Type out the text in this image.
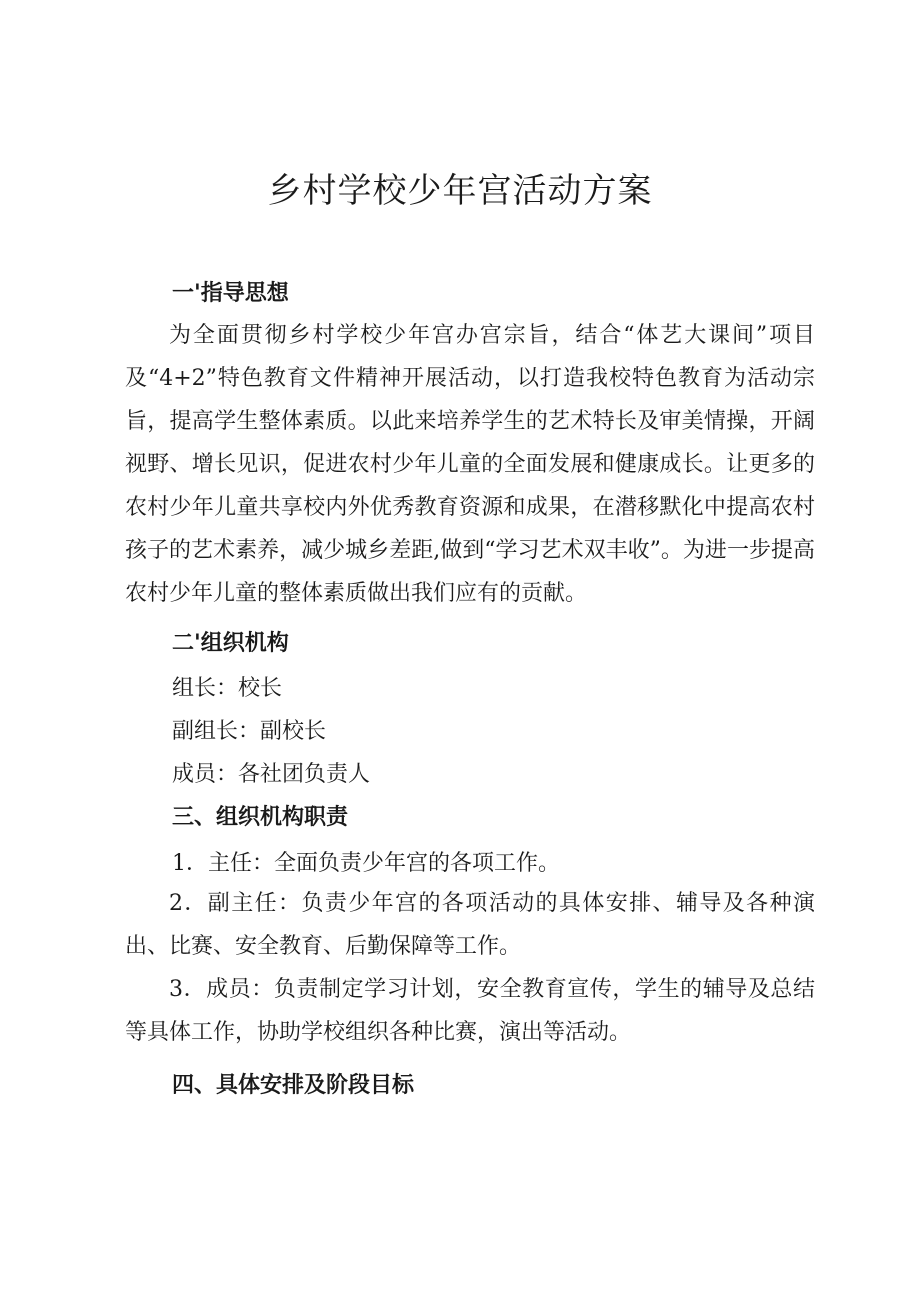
乡村学校少年宫活动方案
一'指导思想

为全面贯彻乡村学校少年宫办宫宗旨，结合“体艺大课间”项目及“4+2”特色教育文件精神开展活动，以打造我校特色教育为活动宗旨，提高学生整体素质。以此来培养学生的艺术特长及审美情操，开阔视野、增长见识，促进农村少年儿童的全面发展和健康成长。让更多的农村少年儿童共享校内外优秀教育资源和成果，在潜移默化中提高农村孩子的艺术素养，减少城乡差距,做到“学习艺术双丰收”。为进一步提高农村少年儿童的整体素质做出我们应有的贡献。

二'组织机构

组长：校长

副组长：副校长

成员：各社团负责人

三、组织机构职责

1．主任：全面负责少年宫的各项工作。

2．副主任：负责少年宫的各项活动的具体安排、辅导及各种演出、比赛、安全教育、后勤保障等工作。

3．成员：负责制定学习计划，安全教育宣传，学生的辅导及总结等具体工作，协助学校组织各种比赛，演出等活动。

四、具体安排及阶段目标
